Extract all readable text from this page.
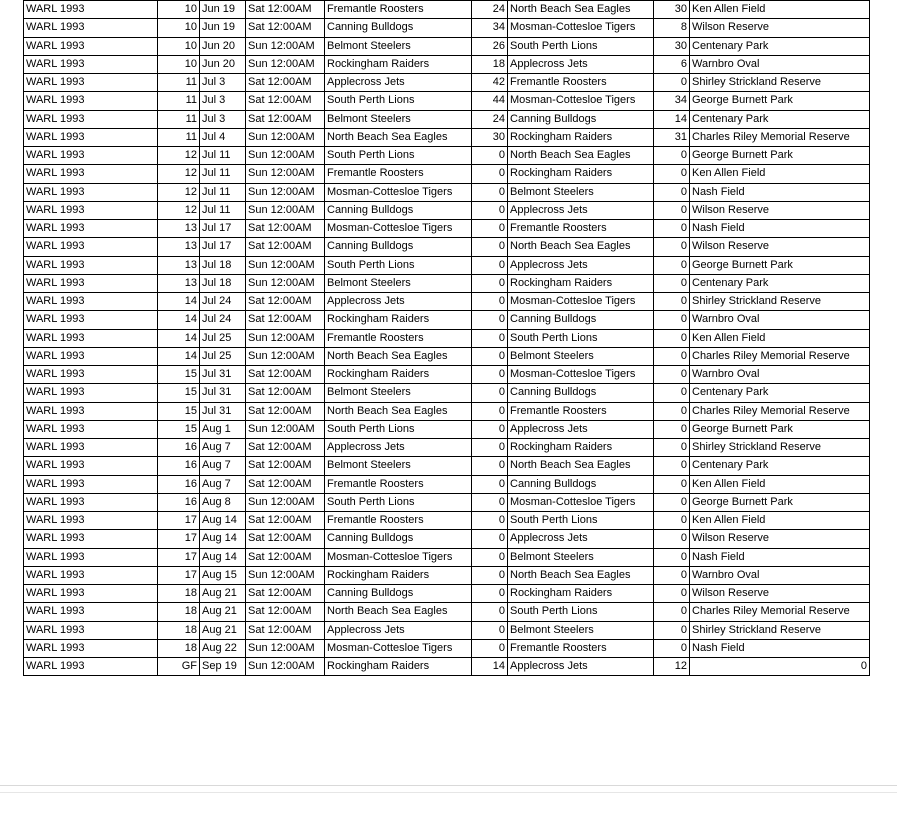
WARL 1993	10	Jun 19	Sat 12:00AM	Fremantle Roosters	24	North Beach Sea Eagles	30	Ken Allen Field
WARL 1993	10	Jun 19	Sat 12:00AM	Canning Bulldogs	34	Mosman-Cottesloe Tigers	8	Wilson Reserve
WARL 1993	10	Jun 20	Sun 12:00AM	Belmont Steelers	26	South Perth Lions	30	Centenary Park
WARL 1993	10	Jun 20	Sun 12:00AM	Rockingham Raiders	18	Applecross Jets	6	Warnbro Oval
WARL 1993	11	Jul 3	Sat 12:00AM	Applecross Jets	42	Fremantle Roosters	0	Shirley Strickland Reserve
WARL 1993	11	Jul 3	Sat 12:00AM	South Perth Lions	44	Mosman-Cottesloe Tigers	34	George Burnett Park
WARL 1993	11	Jul 3	Sat 12:00AM	Belmont Steelers	24	Canning Bulldogs	14	Centenary Park
WARL 1993	11	Jul 4	Sun 12:00AM	North Beach Sea Eagles	30	Rockingham Raiders	31	Charles Riley Memorial Reserve
WARL 1993	12	Jul 11	Sun 12:00AM	South Perth Lions	0	North Beach Sea Eagles	0	George Burnett Park
WARL 1993	12	Jul 11	Sun 12:00AM	Fremantle Roosters	0	Rockingham Raiders	0	Ken Allen Field
WARL 1993	12	Jul 11	Sun 12:00AM	Mosman-Cottesloe Tigers	0	Belmont Steelers	0	Nash Field
WARL 1993	12	Jul 11	Sun 12:00AM	Canning Bulldogs	0	Applecross Jets	0	Wilson Reserve
WARL 1993	13	Jul 17	Sat 12:00AM	Mosman-Cottesloe Tigers	0	Fremantle Roosters	0	Nash Field
WARL 1993	13	Jul 17	Sat 12:00AM	Canning Bulldogs	0	North Beach Sea Eagles	0	Wilson Reserve
WARL 1993	13	Jul 18	Sun 12:00AM	South Perth Lions	0	Applecross Jets	0	George Burnett Park
WARL 1993	13	Jul 18	Sun 12:00AM	Belmont Steelers	0	Rockingham Raiders	0	Centenary Park
WARL 1993	14	Jul 24	Sat 12:00AM	Applecross Jets	0	Mosman-Cottesloe Tigers	0	Shirley Strickland Reserve
WARL 1993	14	Jul 24	Sat 12:00AM	Rockingham Raiders	0	Canning Bulldogs	0	Warnbro Oval
WARL 1993	14	Jul 25	Sun 12:00AM	Fremantle Roosters	0	South Perth Lions	0	Ken Allen Field
WARL 1993	14	Jul 25	Sun 12:00AM	North Beach Sea Eagles	0	Belmont Steelers	0	Charles Riley Memorial Reserve
WARL 1993	15	Jul 31	Sat 12:00AM	Rockingham Raiders	0	Mosman-Cottesloe Tigers	0	Warnbro Oval
WARL 1993	15	Jul 31	Sat 12:00AM	Belmont Steelers	0	Canning Bulldogs	0	Centenary Park
WARL 1993	15	Jul 31	Sat 12:00AM	North Beach Sea Eagles	0	Fremantle Roosters	0	Charles Riley Memorial Reserve
WARL 1993	15	Aug 1	Sun 12:00AM	South Perth Lions	0	Applecross Jets	0	George Burnett Park
WARL 1993	16	Aug 7	Sat 12:00AM	Applecross Jets	0	Rockingham Raiders	0	Shirley Strickland Reserve
WARL 1993	16	Aug 7	Sat 12:00AM	Belmont Steelers	0	North Beach Sea Eagles	0	Centenary Park
WARL 1993	16	Aug 7	Sat 12:00AM	Fremantle Roosters	0	Canning Bulldogs	0	Ken Allen Field
WARL 1993	16	Aug 8	Sun 12:00AM	South Perth Lions	0	Mosman-Cottesloe Tigers	0	George Burnett Park
WARL 1993	17	Aug 14	Sat 12:00AM	Fremantle Roosters	0	South Perth Lions	0	Ken Allen Field
WARL 1993	17	Aug 14	Sat 12:00AM	Canning Bulldogs	0	Applecross Jets	0	Wilson Reserve
WARL 1993	17	Aug 14	Sat 12:00AM	Mosman-Cottesloe Tigers	0	Belmont Steelers	0	Nash Field
WARL 1993	17	Aug 15	Sun 12:00AM	Rockingham Raiders	0	North Beach Sea Eagles	0	Warnbro Oval
WARL 1993	18	Aug 21	Sat 12:00AM	Canning Bulldogs	0	Rockingham Raiders	0	Wilson Reserve
WARL 1993	18	Aug 21	Sat 12:00AM	North Beach Sea Eagles	0	South Perth Lions	0	Charles Riley Memorial Reserve
WARL 1993	18	Aug 21	Sat 12:00AM	Applecross Jets	0	Belmont Steelers	0	Shirley Strickland Reserve
WARL 1993	18	Aug 22	Sun 12:00AM	Mosman-Cottesloe Tigers	0	Fremantle Roosters	0	Nash Field
WARL 1993	GF	Sep 19	Sun 12:00AM	Rockingham Raiders	14	Applecross Jets	12	0
